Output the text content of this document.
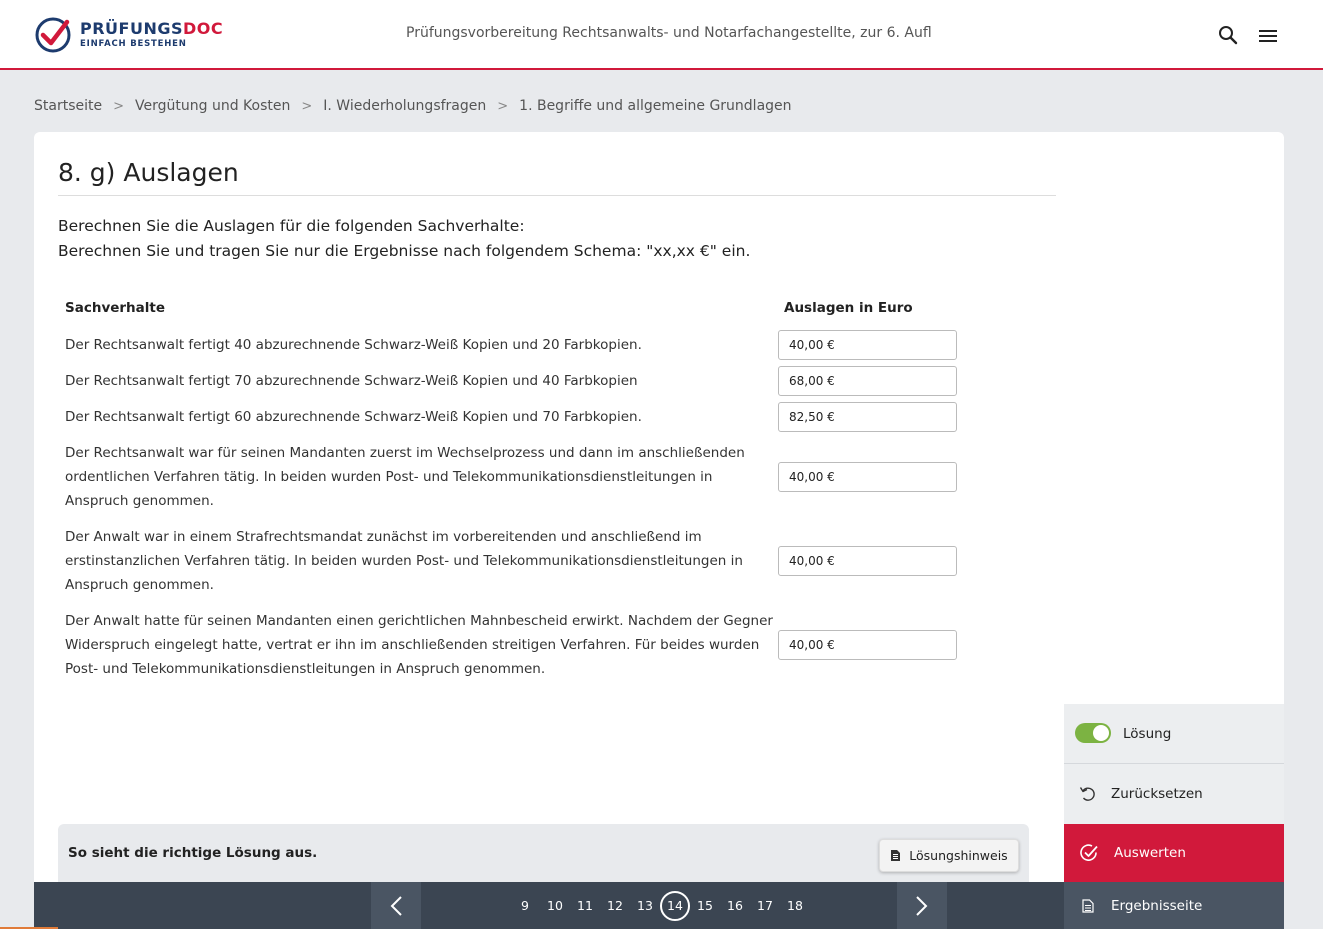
PRÜFUNGSDOC
EINFACH BESTEHEN
Prüfungsvorbereitung Rechtsanwalts- und Notarfachangestellte, zur 6. Aufl
Startseite > Vergütung und Kosten > I. Wiederholungsfragen > 1. Begriffe und allgemeine Grundlagen
8. g) Auslagen
Berechnen Sie die Auslagen für die folgenden Sachverhalte:
Berechnen Sie und tragen Sie nur die Ergebnisse nach folgendem Schema: "xx,xx €" ein.
Sachverhalte	Auslagen in Euro
Der Rechtsanwalt fertigt 40 abzurechnende Schwarz-Weiß Kopien und 20 Farbkopien.
40,00 €
Der Rechtsanwalt fertigt 70 abzurechnende Schwarz-Weiß Kopien und 40 Farbkopien
68,00 €
Der Rechtsanwalt fertigt 60 abzurechnende Schwarz-Weiß Kopien und 70 Farbkopien.
82,50 €
Der Rechtsanwalt war für seinen Mandanten zuerst im Wechselprozess und dann im anschließenden ordentlichen Verfahren tätig. In beiden wurden Post- und Telekommunikationsdienstleitungen in Anspruch genommen.
40,00 €
Der Anwalt war in einem Strafrechtsmandat zunächst im vorbereitenden und anschließend im erstinstanzlichen Verfahren tätig. In beiden wurden Post- und Telekommunikationsdienstleitungen in Anspruch genommen.
40,00 €
Der Anwalt hatte für seinen Mandanten einen gerichtlichen Mahnbescheid erwirkt. Nachdem der Gegner Widerspruch eingelegt hatte, vertrat er ihn im anschließenden streitigen Verfahren. Für beides wurden Post- und Telekommunikationsdienstleitungen in Anspruch genommen.
40,00 €
So sieht die richtige Lösung aus.	Lösungshinweis
Lösung
Zurücksetzen
Auswerten
Ergebnisseite
9	10	11	12	13	14	15	16	17	18
